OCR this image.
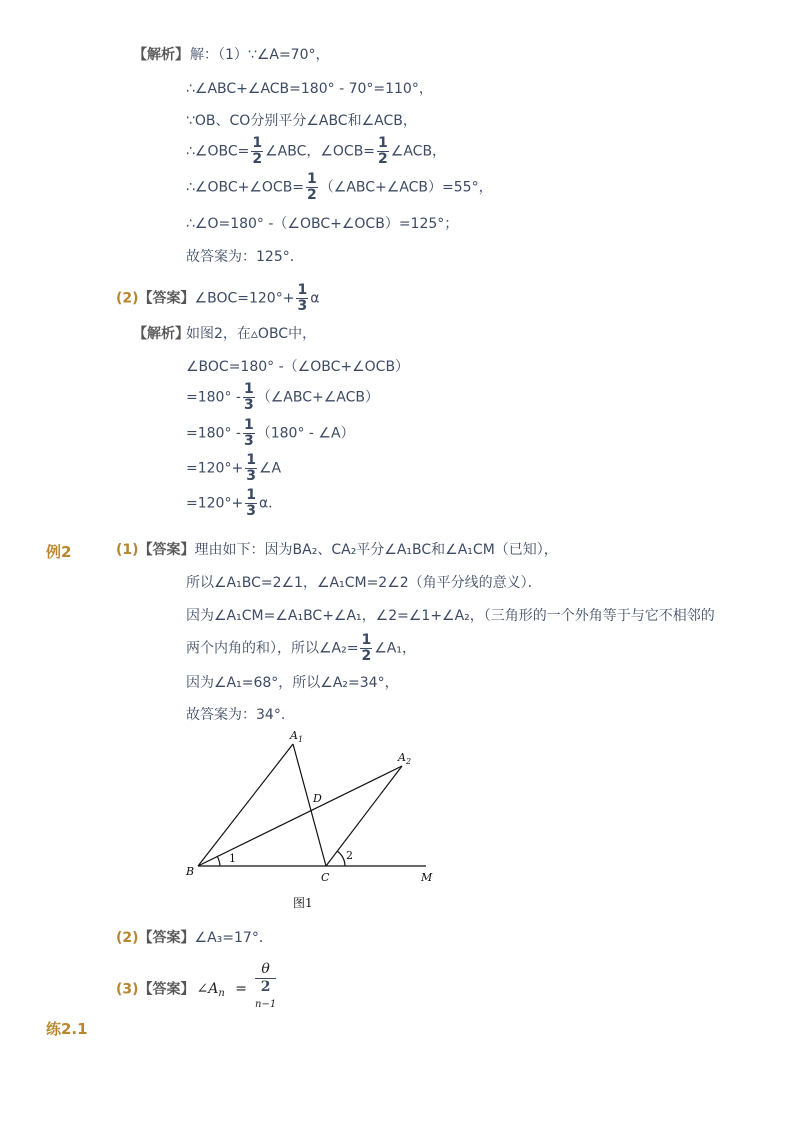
【解析】 解：（1）∵∠A=70°，
∴∠ABC+∠ACB=180° - 70°=110°，
∵OB、CO分别平分∠ABC和∠ACB，
∴∠OBC= $\frac{1}{2}$ ∠ABC，∠OCB= $\frac{1}{2}$ ∠ACB，
∴∠OBC+∠OCB= $\frac{1}{2}$ （∠ABC+∠ACB）=55°，
∴∠O=180° -（∠OBC+∠OCB）=125°；
故答案为：125°．
(2)【答案】∠BOC=120°+ $\frac{1}{3}$ α
【解析】
如图2，在▵OBC中，
∠BOC=180° -（∠OBC+∠OCB）
$=180^\circ - \frac{1}{3}$ （∠ABC+∠ACB）
$=180^\circ - \frac{1}{3} (180^\circ$ - ∠A）
$=120^\circ+ \frac{1}{3}$ ∠A
$=120^\circ+ \frac{1}{3}$ α．
例2	(1)【答案】理由如下：因为BA₂、CA₂平分∠A₁BC和∠A₁CM（已知），
所以∠A₁BC=2∠1，∠A₁CM=2∠2（角平分线的意义）．
因为∠A₁CM=∠A₁BC+∠A₁，∠2=∠1+∠A₂，（三角形的一个外角等于与它不相邻的
两个内角的和），所以∠A₂= $\frac{1}{2}$ ∠A₁，
因为∠A₁=68°，所以∠A₂=34°，
故答案为：34°.
$A_1$
$A_2$
D
B	C	M
1	2
图1
(2)【答案】∠A₃=17°．
(3)【答案】 $\angle A_n = \theta$
2
$^{n-1}$
练2.1
